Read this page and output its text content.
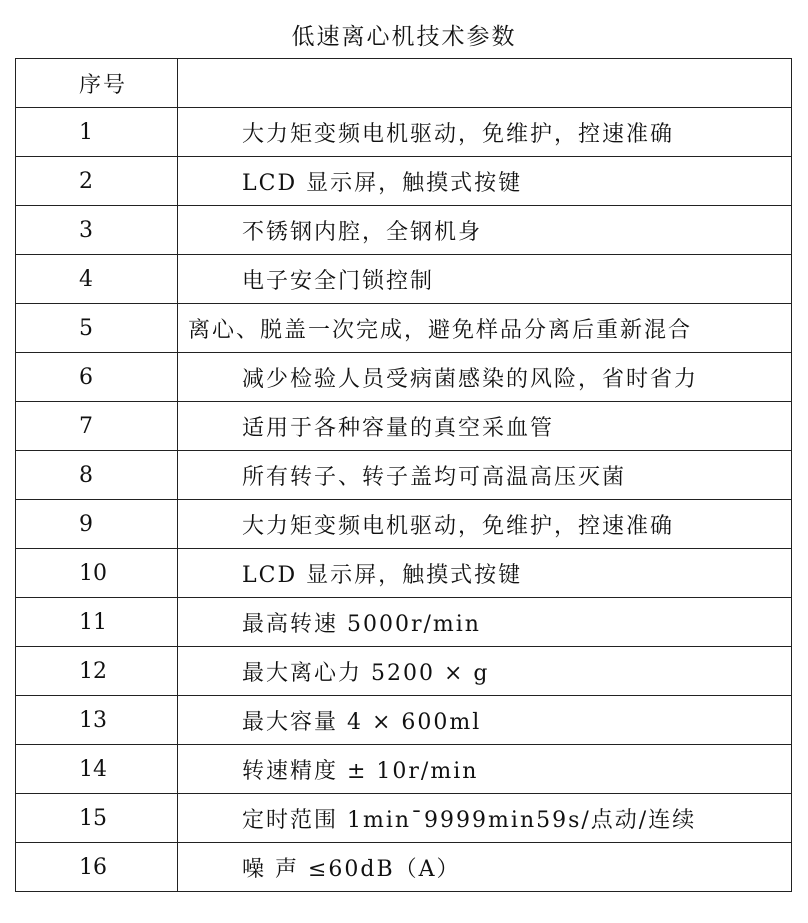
低速离心机技术参数
序号	
1	大力矩变频电机驱动，免维护，控速准确
2	LCD 显示屏，触摸式按键
3	不锈钢内腔，全钢机身
4	电子安全门锁控制
5	离心、脱盖一次完成，避免样品分离后重新混合
6	减少检验人员受病菌感染的风险，省时省力
7	适用于各种容量的真空采血管
8	所有转子、转子盖均可高温高压灭菌
9	大力矩变频电机驱动，免维护，控速准确
10	LCD 显示屏，触摸式按键
11	最高转速 5000r/min
12	最大离心力 5200 × g
13	最大容量 4 × 600ml
14	转速精度 ± 10r/min
15	定时范围 1min¯9999min59s/点动/连续
16	噪 声 ≤60dB（A）
